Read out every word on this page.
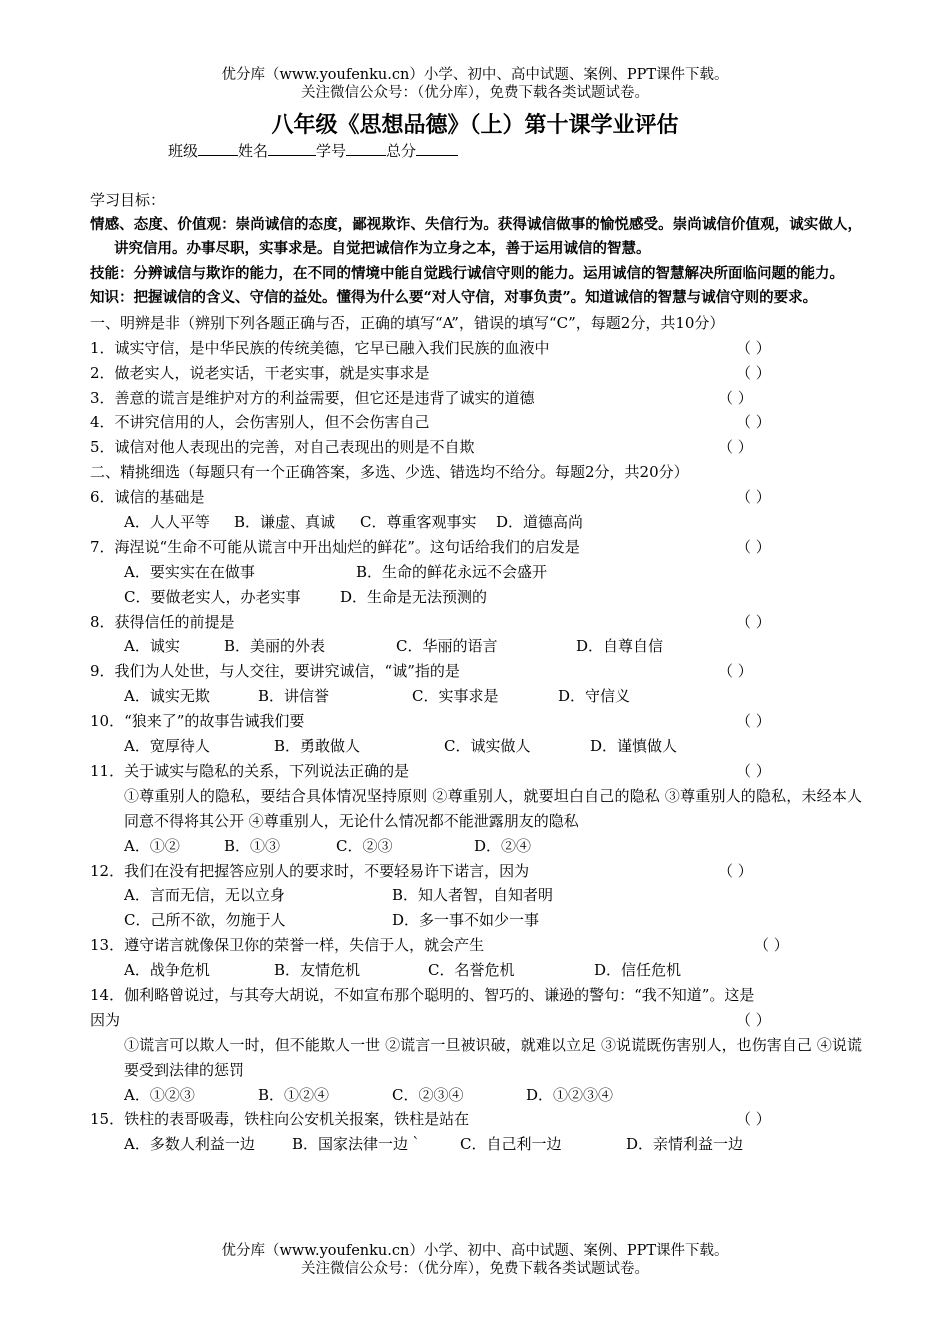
优分库（www.youfenku.cn）小学、初中、高中试题、案例、PPT课件下载。
关注微信公众号：（优分库），免费下载各类试题试卷。
八年级《思想品德》（上）第十课学业评估
班级	姓名	学号	总分
学习目标：
情感、态度、价值观：崇尚诚信的态度，鄙视欺诈、失信行为。获得诚信做事的愉悦感受。崇尚诚信价值观，诚实做人，讲究信用。办事尽职，实事求是。自觉把诚信作为立身之本，善于运用诚信的智慧。
技能：分辨诚信与欺诈的能力，在不同的情境中能自觉践行诚信守则的能力。运用诚信的智慧解决所面临问题的能力。
知识：把握诚信的含义、守信的益处。懂得为什么要“对人守信，对事负责”。知道诚信的智慧与诚信守则的要求。
一、明辨是非（辨别下列各题正确与否，正确的填写“A”，错误的填写“C”，每题2分，共10分）
1．诚实守信，是中华民族的传统美德，它早已融入我们民族的血液中	（ ）
2．做老实人，说老实话，干老实事，就是实事求是	（ ）
3．善意的谎言是维护对方的利益需要，但它还是违背了诚实的道德	（ ）
4．不讲究信用的人，会伤害别人，但不会伤害自己	（ ）
5．诚信对他人表现出的完善，对自己表现出的则是不自欺	（ ）
二、精挑细选（每题只有一个正确答案，多选、少选、错选均不给分。每题2分，共20分）
6．诚信的基础是	（ ）
A．人人平等 B．谦虚、真诚 C．尊重客观事实 D．道德高尚
7．海涅说“生命不可能从谎言中开出灿烂的鲜花”。这句话给我们的启发是	（ ）
A．要实实在在做事	B．生命的鲜花永远不会盛开
C．要做老实人，办老实事	D．生命是无法预测的
8．获得信任的前提是	（ ）
A．诚实	B．美丽的外表	C．华丽的语言	D．自尊自信
9．我们为人处世，与人交往，要讲究诚信，“诚”指的是	（ ）
A．诚实无欺	B．讲信誉	C．实事求是	D．守信义
10．“狼来了”的故事告诫我们要	（ ）
A．宽厚待人	B．勇敢做人	C．诚实做人	D．谨慎做人
11．关于诚实与隐私的关系，下列说法正确的是	（ ）
①尊重别人的隐私，要结合具体情况坚持原则 ②尊重别人，就要坦白自己的隐私 ③尊重别人的隐私，未经本人同意不得将其公开 ④尊重别人，无论什么情况都不能泄露朋友的隐私
A．①②	B．①③	C．②③	D．②④
12．我们在没有把握答应别人的要求时，不要轻易许下诺言，因为	（ ）
A．言而无信，无以立身	B．知人者智，自知者明
C．己所不欲，勿施于人	D．多一事不如少一事
13．遵守诺言就像保卫你的荣誉一样，失信于人，就会产生	（ ）
A．战争危机	B．友情危机	C．名誉危机	D．信任危机
14．伽利略曾说过，与其夸大胡说，不如宣布那个聪明的、智巧的、谦逊的警句：“我不知道”。这是
因为	（ ）
①谎言可以欺人一时，但不能欺人一世 ②谎言一旦被识破，就难以立足 ③说谎既伤害别人，也伤害自己 ④说谎要受到法律的惩罚
A．①②③	B．①②④	C．②③④	D．①②③④
15．铁柱的表哥吸毒，铁柱向公安机关报案，铁柱是站在	（ ）
A．多数人利益一边 B．国家法律一边｀ C．自己利一边	D．亲情利益一边
优分库（www.youfenku.cn）小学、初中、高中试题、案例、PPT课件下载。
关注微信公众号：（优分库），免费下载各类试题试卷。
